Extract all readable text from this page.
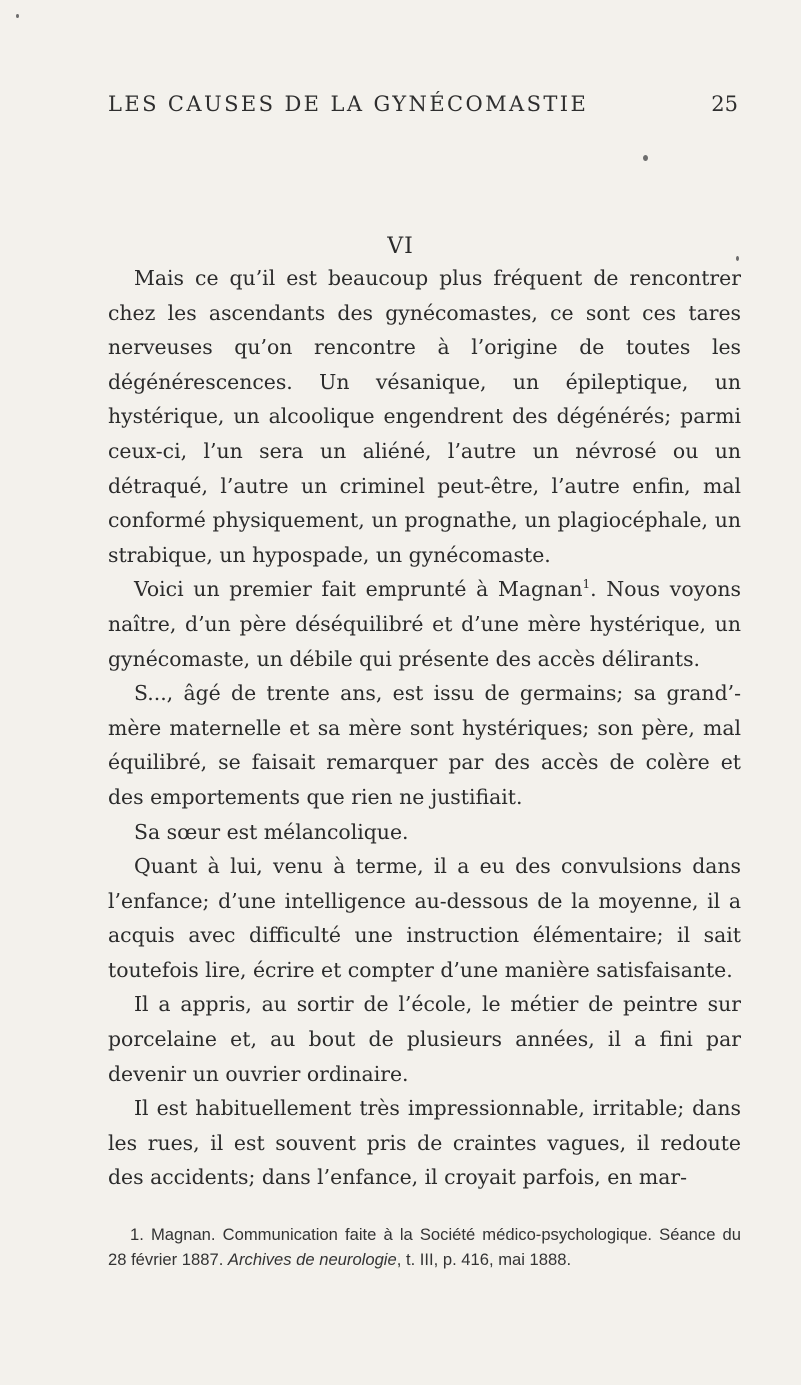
LES CAUSES DE LA GYNÉCOMASTIE	25
VI

Mais ce qu’il est beaucoup plus fréquent de rencontrer chez les ascendants des gynécomastes, ce sont ces tares nerveuses qu’on rencontre à l’origine de toutes les dégénérescences. Un vésanique, un épileptique, un hystérique, un alcoolique engendrent des dégénérés; parmi ceux-ci, l’un sera un aliéné, l’autre un névrosé ou un détraqué, l’autre un criminel peut-être, l’autre enfin, mal conformé physiquement, un prognathe, un plagiocéphale, un strabique, un hypospade, un gynécomaste.

Voici un premier fait emprunté à Magnan$^1$. Nous voyons naître, d’un père déséquilibré et d’une mère hystérique, un gynécomaste, un débile qui présente des accès délirants.

S..., âgé de trente ans, est issu de germains; sa grand’-mère maternelle et sa mère sont hystériques; son père, mal équilibré, se faisait remarquer par des accès de colère et des emportements que rien ne justifiait.

Sa sœur est mélancolique.

Quant à lui, venu à terme, il a eu des convulsions dans l’enfance; d’une intelligence au-dessous de la moyenne, il a acquis avec difficulté une instruction élémentaire; il sait toutefois lire, écrire et compter d’une manière satisfaisante.

Il a appris, au sortir de l’école, le métier de peintre sur porcelaine et, au bout de plusieurs années, il a fini par devenir un ouvrier ordinaire.

Il est habituellement très impressionnable, irritable; dans les rues, il est souvent pris de craintes vagues, il redoute des accidents; dans l’enfance, il croyait parfois, en mar-

1. Magnan. Communication faite à la Société médico-psychologique. Séance du 28 février 1887. Archives de neurologie, t. III, p. 416, mai 1888.
